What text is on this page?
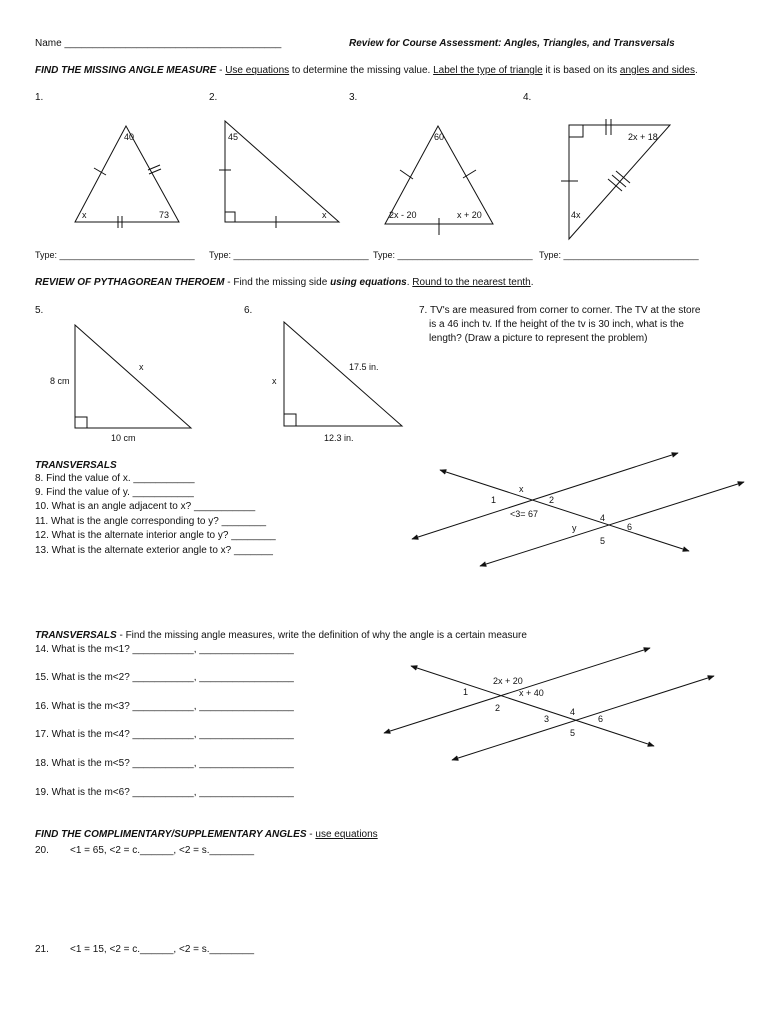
Name _______________________________________	Review for Course Assessment: Angles, Triangles, and Transversals
FIND THE MISSING ANGLE MEASURE - Use equations to determine the missing value. Label the type of triangle it is based on its angles and sides.
1.	2.	3.	4.
Type: ___________________________ Type: ___________________________ Type: ___________________________ Type: ___________________________
REVIEW OF PYTHAGOREAN THEROEM - Find the missing side using equations. Round to the nearest tenth.
5.	6.	7. TV's are measured from corner to corner. The TV at the store
is a 46 inch tv. If the height of the tv is 30 inch, what is the
length? (Draw a picture to represent the problem)
TRANSVERSALS
8. Find the value of x. ___________
9. Find the value of y. ___________
10. What is an angle adjacent to x? ___________
11. What is the angle corresponding to y? ________
12. What is the alternate interior angle to y? ________
13. What is the alternate exterior angle to x? _______
TRANSVERSALS - Find the missing angle measures, write the definition of why the angle is a certain measure
14. What is the m<1? ___________, _________________
15. What is the m<2? ___________, _________________
16. What is the m<3? ___________, _________________
17. What is the m<4? ___________, _________________
18. What is the m<5? ___________, _________________
19. What is the m<6? ___________, _________________
FIND THE COMPLIMENTARY/SUPPLEMENTARY ANGLES - use equations
20. <1 = 65, <2 = c.______, <2 = s.________
21. <1 = 15, <2 = c.______, <2 = s.________
40
x	73
45
x
60
2x - 20	x + 20
2x + 18
4x
8 cm
10 cm
x
x
12.3 in.
17.5 in.
x
1	2
<3= 67
y
4
6
5
2x + 20
x + 40
1
2
3
4
6
5
